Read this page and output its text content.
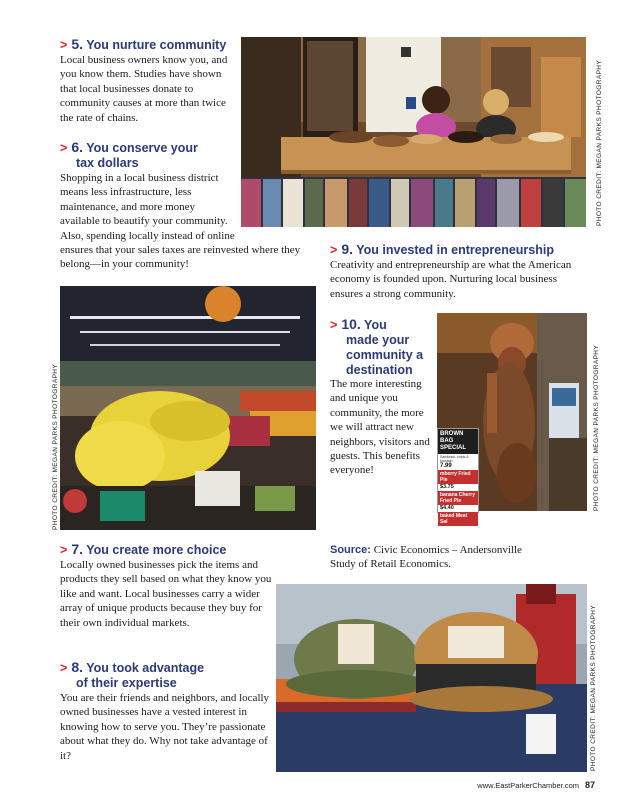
> 5. You nurture community
Local business owners know you, and you know them. Studies have shown that local businesses donate to community causes at more than twice the rate of chains.	PHOTO CREDIT: MEGAN PARKS PHOTOGRAPHY
> 6. You conserve your
tax dollars
Shopping in a local business district means less infrastructure, less maintenance, and more money available to beautify your community. Also, spending locally instead of online ensures that your sales taxes are reinvested where they belong—in your community!
> 9. You invested in entrepreneurship
Creativity and entrepreneurship are what the American economy is founded upon. Nurturing local business ensures a strong community.
PHOTO CREDIT: MEGAN PARKS PHOTOGRAPHY
> 10. You
made your
community a
destination
The more interesting and unique you community, the more we will attract new neighbors, visitors and guests. This benefits everyone!
BROWN BAG
SPECIAL
Sandwich, chips & fountain
7.99
mberry Fried Pie
$3.75
banana Cherry Fried Pie
$4.40
baked Meat Sal
PHOTO CREDIT: MEGAN PARKS PHOTOGRAPHY
> 7. You create more choice
Locally owned businesses pick the items and products they sell based on what they know you like and want. Local businesses carry a wider array of unique products because they buy for their own individual markets.
Source: Civic Economics – Andersonville
Study of Retail Economics.
PHOTO CREDIT: MEGAN PARKS PHOTOGRAPHY
> 8. You took advantage
of their expertise
You are their friends and neighbors, and locally owned businesses have a vested interest in knowing how to serve you. They’re passionate about what they do. Why not take advantage of it?
www.EastParkerChamber.com 87
